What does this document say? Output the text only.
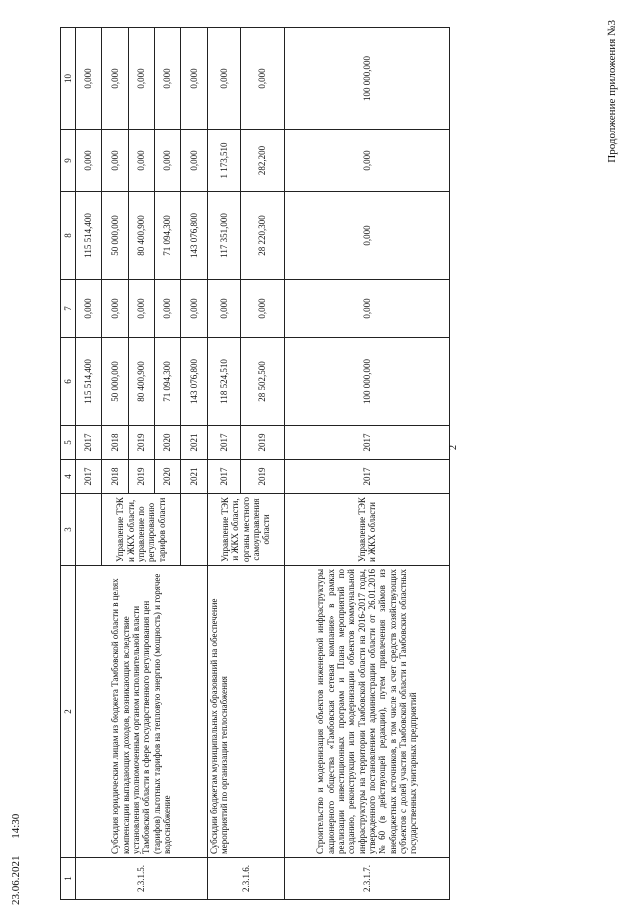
23.06.2021 14:30
Продолжение приложения №3
1	2	3	4	5	6	7	8	9	10
2.3.1.5.	Субсидия юридическим лицам из бюджета Тамбовской области в целях компенсации выпадающих доходов, возникающих вследствие установления уполномоченным органом исполнительной власти Тамбовской области в сфере государственного регулирования цен (тарифов) льготных тарифов на тепловую энергию (мощность) и горячее водоснабжение		2017	2017	115 514,400	0,000	115 514,400	0,000	0,000
		Управление ТЭК и ЖКХ области, управление по регулированию тарифов области	2018	2018	50 000,000	0,000	50 000,000	0,000	0,000
			2019	2019	80 400,900	0,000	80 400,900	0,000	0,000
			2020	2020	71 094,300	0,000	71 094,300	0,000	0,000
			2021	2021	143 076,800	0,000	143 076,800	0,000	0,000
2.3.1.6.	Субсидии бюджетам муниципальных образований на обеспечение мероприятий по организации теплоснабжения	Управление ТЭК и ЖКХ области, органы местного самоуправления области	2017	2017	118 524,510	0,000	117 351,000	1 173,510	0,000
			2019	2019	28 502,500	0,000	28 220,300	282,200	0,000
2.3.1.7.	Строительство и модернизация объектов инженерной инфраструктуры акционерного общества «Тамбовская сетевая компания» в рамках реализации инвестиционных программ и Плана мероприятий по созданию, реконструкции или модернизации объектов коммунальной инфраструктуры на территории Тамбовской области на 2016-2017 годы, утвержденного постановлением администрации области от 26.01.2016 №60 (в действующей редакции), путем привлечения займов из внебюджетных источников, в том числе за счет средств хозяйствующих субъектов с долей участия Тамбовской области и Тамбовских областных государственных унитарных предприятий	Управление ТЭК и ЖКХ области	2017	2017	100 000,000	0,000	0,000	0,000	100 000,000
2
